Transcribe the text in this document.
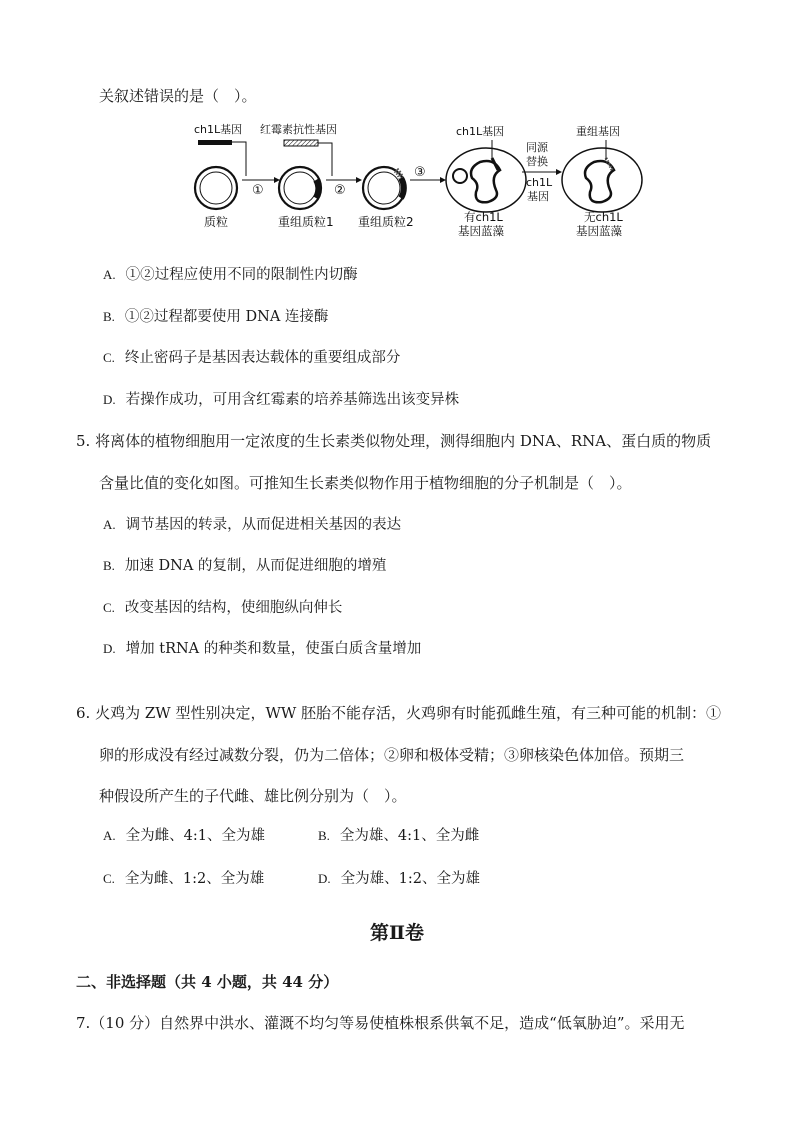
关叙述错误的是（　）。
ch1L基因 红霉素抗性基因
质粒
①
重组质粒1
②
重组质粒2
③
ch1L基因
有ch1L
基因蓝藻
同源
替换
ch1L
基因
重组基因
无ch1L
基因蓝藻
A. ①②过程应使用不同的限制性内切酶
B. ①②过程都要使用 DNA 连接酶
C. 终止密码子是基因表达载体的重要组成部分
D. 若操作成功，可用含红霉素的培养基筛选出该变异株
5. 将离体的植物细胞用一定浓度的生长素类似物处理，测得细胞内 DNA、RNA、蛋白质的物质
含量比值的变化如图。可推知生长素类似物作用于植物细胞的分子机制是（　）。
A. 调节基因的转录，从而促进相关基因的表达
B. 加速 DNA 的复制，从而促进细胞的增殖
C. 改变基因的结构，使细胞纵向伸长
D. 增加 tRNA 的种类和数量，使蛋白质含量增加
6. 火鸡为 ZW 型性别决定，WW 胚胎不能存活，火鸡卵有时能孤雌生殖，有三种可能的机制：①
卵的形成没有经过减数分裂，仍为二倍体；②卵和极体受精；③卵核染色体加倍。预期三
种假设所产生的子代雌、雄比例分别为（　）。
A. 全为雌、4:1、全为雄	B. 全为雄、4:1、全为雌
C. 全为雌、1:2、全为雄	D. 全为雄、1:2、全为雄
第Ⅱ卷
二、非选择题（共 4 小题，共 44 分）
7.（10 分）自然界中洪水、灌溉不均匀等易使植株根系供氧不足，造成“低氧胁迫”。采用无
